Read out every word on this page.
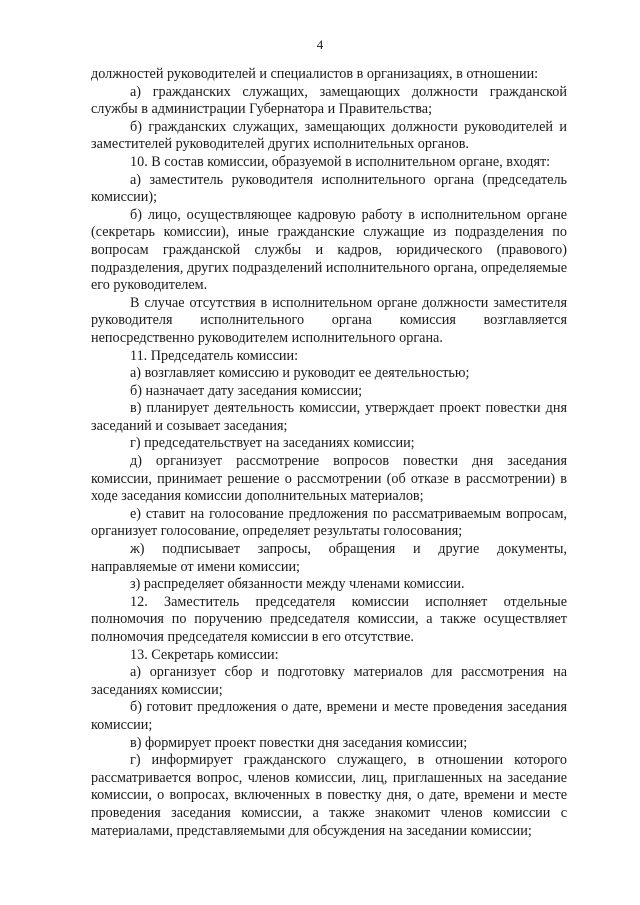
4

должностей руководителей и специалистов в организациях, в отношении:

а) гражданских служащих, замещающих должности гражданской службы в администрации Губернатора и Правительства;

б) гражданских служащих, замещающих должности руководителей и заместителей руководителей других исполнительных органов.

10. В состав комиссии, образуемой в исполнительном органе, входят:

а) заместитель руководителя исполнительного органа (председатель комиссии);

б) лицо, осуществляющее кадровую работу в исполнительном органе (секретарь комиссии), иные гражданские служащие из подразделения по вопросам гражданской службы и кадров, юридического (правового) подразделения, других подразделений исполнительного органа, определяемые его руководителем.

В случае отсутствия в исполнительном органе должности заместителя руководителя исполнительного органа комиссия возглавляется непосредственно руководителем исполнительного органа.

11. Председатель комиссии:

а) возглавляет комиссию и руководит ее деятельностью;

б) назначает дату заседания комиссии;

в) планирует деятельность комиссии, утверждает проект повестки дня заседаний и созывает заседания;

г) председательствует на заседаниях комиссии;

д) организует рассмотрение вопросов повестки дня заседания комиссии, принимает решение о рассмотрении (об отказе в рассмотрении) в ходе заседания комиссии дополнительных материалов;

е) ставит на голосование предложения по рассматриваемым вопросам, организует голосование, определяет результаты голосования;

ж) подписывает запросы, обращения и другие документы, направляемые от имени комиссии;

з) распределяет обязанности между членами комиссии.

12. Заместитель председателя комиссии исполняет отдельные полномочия по поручению председателя комиссии, а также осуществляет полномочия председателя комиссии в его отсутствие.

13. Секретарь комиссии:

а) организует сбор и подготовку материалов для рассмотрения на заседаниях комиссии;

б) готовит предложения о дате, времени и месте проведения заседания комиссии;

в) формирует проект повестки дня заседания комиссии;

г) информирует гражданского служащего, в отношении которого рассматривается вопрос, членов комиссии, лиц, приглашенных на заседание комиссии, о вопросах, включенных в повестку дня, о дате, времени и месте проведения заседания комиссии, а также знакомит членов комиссии с материалами, представляемыми для обсуждения на заседании комиссии;
